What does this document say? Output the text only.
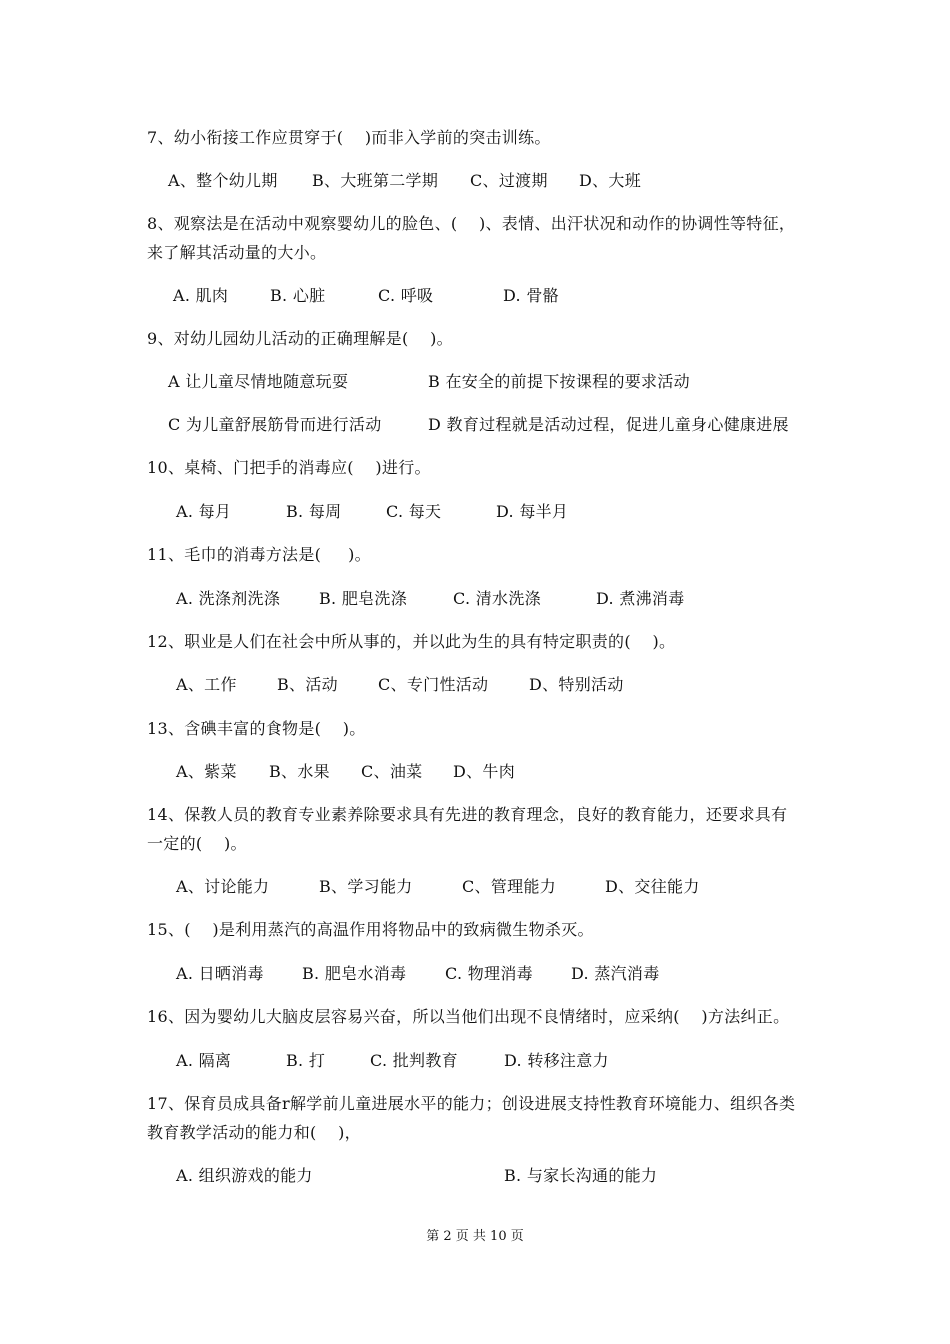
7、幼小衔接工作应贯穿于(    )而非入学前的突击训练。
A、整个幼儿期 B、大班第二学期 C、过渡期 D、大班
8、观察法是在活动中观察婴幼儿的脸色、(    )、表情、出汗状况和动作的协调性等特征，
来了解其活动量的大小。
A. 肌肉	B. 心脏	C. 呼吸	D. 骨骼
9、对幼儿园幼儿活动的正确理解是(    )。
A 让儿童尽情地随意玩耍	B 在安全的前提下按课程的要求活动
C 为儿童舒展筋骨而进行活动	D 教育过程就是活动过程，促进儿童身心健康进展
10、桌椅、门把手的消毒应(    )进行。
A. 每月	B. 每周	C. 每天	D. 每半月
11、毛巾的消毒方法是(     )。
A. 洗涤剂洗涤 B. 肥皂洗涤	C. 清水洗涤	D. 煮沸消毒
12、职业是人们在社会中所从事的，并以此为生的具有特定职责的(    )。
A、工作	B、活动	C、专门性活动	D、特别活动
13、含碘丰富的食物是(    )。
A、紫菜 B、水果 C、油菜 D、牛肉
14、保教人员的教育专业素养除要求具有先进的教育理念，良好的教育能力，还要求具有
一定的(    )。
A、讨论能力	B、学习能力	C、管理能力	D、交往能力
15、(    )是利用蒸汽的高温作用将物品中的致病微生物杀灭。
A. 日晒消毒 B. 肥皂水消毒 C. 物理消毒 D. 蒸汽消毒
16、因为婴幼儿大脑皮层容易兴奋，所以当他们出现不良情绪时，应采纳(    )方法纠正。
A. 隔离	B. 打	C. 批判教育	D. 转移注意力
17、保育员成具备r解学前儿童进展水平的能力；创设进展支持性教育环境能力、组织各类
教育教学活动的能力和(    )，
A. 组织游戏的能力	B. 与家长沟通的能力
第 2 页 共 10 页
